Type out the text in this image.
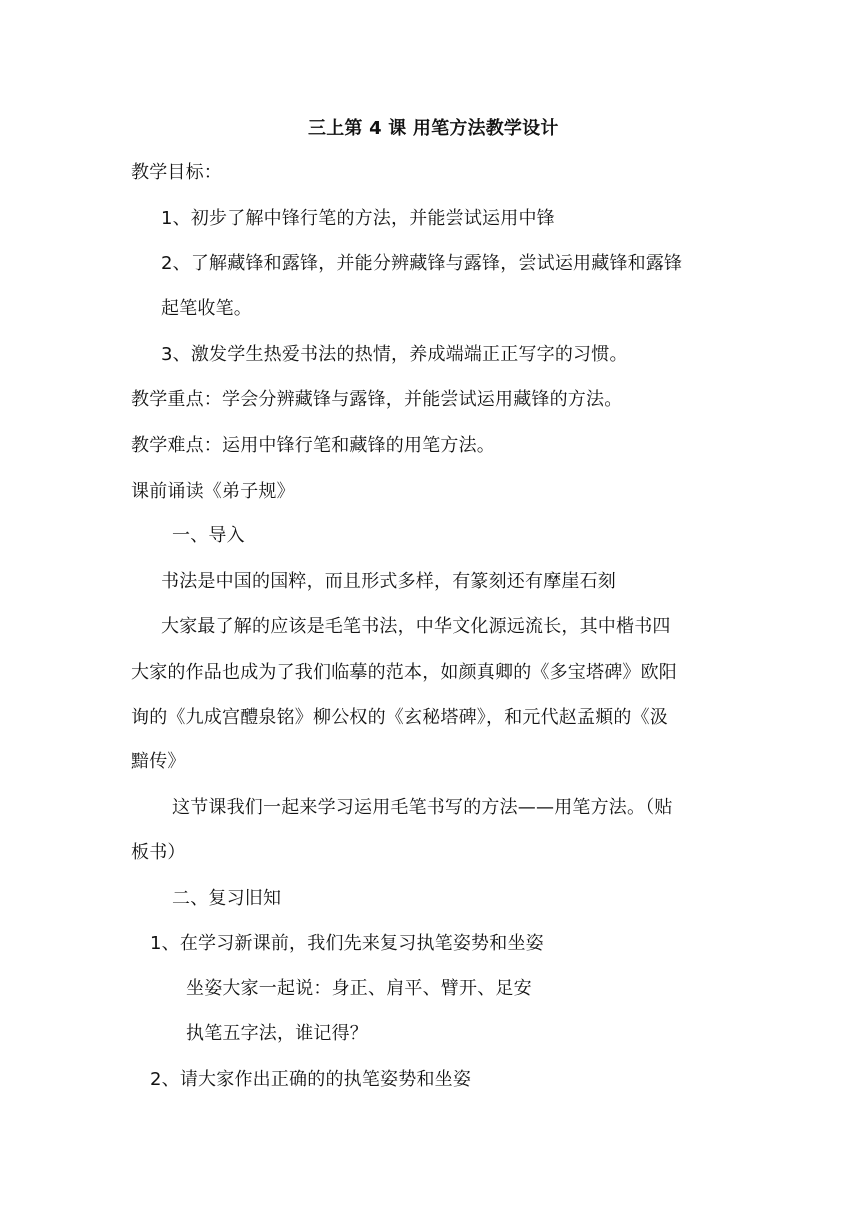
三上第 4 课 用笔方法教学设计
教学目标：
1、初步了解中锋行笔的方法，并能尝试运用中锋
2、了解藏锋和露锋，并能分辨藏锋与露锋，尝试运用藏锋和露锋
起笔收笔。
3、激发学生热爱书法的热情，养成端端正正写字的习惯。
教学重点：学会分辨藏锋与露锋，并能尝试运用藏锋的方法。
教学难点：运用中锋行笔和藏锋的用笔方法。
课前诵读《弟子规》
一、导入
书法是中国的国粹，而且形式多样，有篆刻还有摩崖石刻
大家最了解的应该是毛笔书法，中华文化源远流长，其中楷书四
大家的作品也成为了我们临摹的范本，如颜真卿的《多宝塔碑》欧阳
询的《九成宫醴泉铭》柳公权的《玄秘塔碑》，和元代赵孟頫的《汲
黯传》
这节课我们一起来学习运用毛笔书写的方法——用笔方法。（贴
板书）
二、复习旧知
1、在学习新课前，我们先来复习执笔姿势和坐姿
坐姿大家一起说：身正、肩平、臂开、足安
执笔五字法，谁记得？
2、请大家作出正确的的执笔姿势和坐姿
